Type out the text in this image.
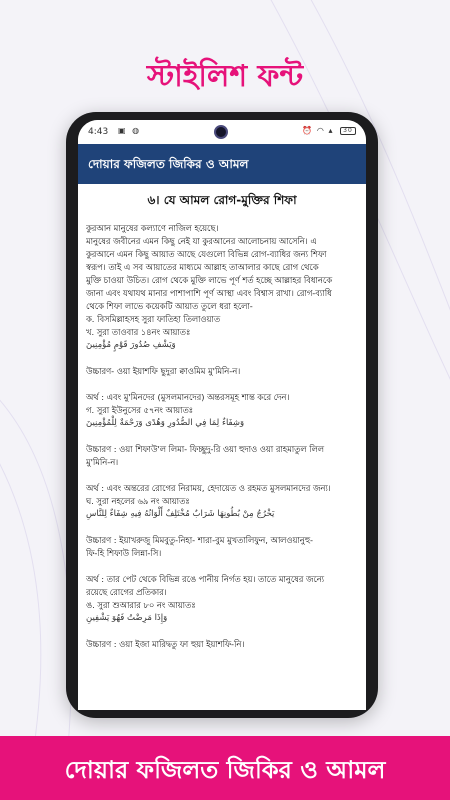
স্টাইলিশ ফন্ট
4:43 ▣ ◍	⏰ ◠ ▴ 30
দোয়ার ফজিলত জিকির ও আমল
৬। যে আমল রোগ-মুক্তির শিফা
কুরআন মানুষের কল্যাণে নাজিল হয়েছে।
মানুষের জবীনের এমন কিছু নেই যা কুরআনের আলোচনায় আসেনি। এ
কুরআনে এমন কিছু আয়াত আছে যেগুলো বিভিন্ন রোগ-ব্যাধির জন্য শিফা
স্বরূপ। তাই এ সব আয়াতের মাধ্যমে আল্লাহ তাআলার কাছে রোগ থেকে
মুক্তি চাওয়া উচিত। রোগ থেকে মুক্তি লাভে পূর্ণ শর্ত হচ্ছে আল্লাহর বিধানকে
জানা এবং যথাযথ মানার পাশাপাশি পূর্ণ আস্থা এবং বিশ্বাস রাখা। রোগ-ব্যাধি
থেকে শিফা লাভে কয়েকটি আয়াত তুলে ধরা হলো-
ক. বিসমিল্লাহসহ সুরা ফাতিহা তিলাওয়াত
খ. সুরা তাওবার ১৪নং আয়াতঃ
وَيَشْفِ صُدُورَ قَوْمٍ مُؤْمِنِينَ
উচ্চারণ- ওয়া ইয়াশফি ছুদুরা ক্বাওমিম মু'মিনি-ন।
অর্থ : এবং মু'মিনদের (মুসলমানদের) অন্তরসমূহ শান্ত করে দেন।
গ. সুরা ইউনুসের ৫৭নং আয়াতঃ
وَشِفَاءٌ لِمَا فِي الصُّدُورِ وَهُدًى وَرَحْمَةٌ لِلْمُؤْمِنِينَ
উচ্চারণ : ওয়া শিফাউ'ল লিমা- ফিচ্ছুদু-রি ওয়া হুদাও ওয়া রাহমাতুল লিল
মু'মিনি-ন।
অর্থ : এবং অন্তরের রোগের নিরাময়, হেদায়েত ও রহমত মুসলমানদের জন্য।
ঘ. সুরা নহলের ৬৯ নং আয়াতঃ
يَخْرُجُ مِنْ بُطُونِهَا شَرَابٌ مُخْتَلِفٌ أَلْوَانُهُ فِيهِ شِفَاءٌ لِلنَّاسِ
উচ্চারণ : ইয়াখরুজু মিমবুতু-নিহা- শারা-বুম মুখতালিফুন, আলওয়ানুহু-
ফি-হি শিফাউ লিন্না-সি।
অর্থ : তার পেট থেকে বিভিন্ন রঙে পানীয় নির্গত হয়। তাতে মানুষের জন্যে
রয়েছে রোগের প্রতিকার।
ঙ. সুরা শুআরার ৮০ নং আয়াতঃ
وَإِذَا مَرِضْتُ فَهُوَ يَشْفِينِ
উচ্চারণ : ওয়া ইজা মারিদ্বতু ফা হুয়া ইয়াশফি-নি।
দোয়ার ফজিলত জিকির ও আমল
